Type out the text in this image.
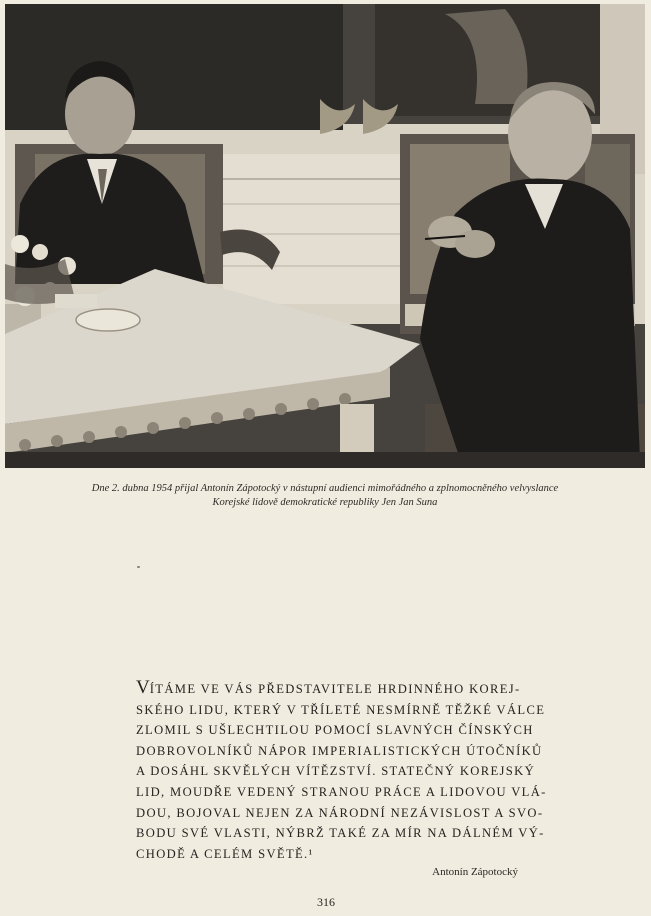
Dne 2. dubna 1954 přijal Antonín Zápotocký v nástupní audienci mimořádného a zplnomocněného velvyslance
Korejské lidově demokratické republiky Jen Jan Suna
VÍTÁME VE VÁS PŘEDSTAVITELE HRDINNÉHO KOREJ-
SKÉHO LIDU, KTERÝ V TŘÍLETÉ NESMÍRNĚ TĚŽKÉ VÁLCE
ZLOMIL S UŠLECHTILOU POMOCÍ SLAVNÝCH ČÍNSKÝCH
DOBROVOLNÍKŮ NÁPOR IMPERIALISTICKÝCH ÚTOČNÍKŮ
A DOSÁHL SKVĚLÝCH VÍTĚZSTVÍ. STATEČNÝ KOREJSKÝ
LID, MOUDŘE VEDENÝ STRANOU PRÁCE A LIDOVOU VLÁ-
DOU, BOJOVAL NEJEN ZA NÁRODNÍ NEZÁVISLOST A SVO-
BODU SVÉ VLASTI, NÝBRŽ TAKÉ ZA MÍR NA DÁLNÉM VÝ-
CHODĚ A CELÉM SVĚTĚ.¹
Antonín Zápotocký
316
